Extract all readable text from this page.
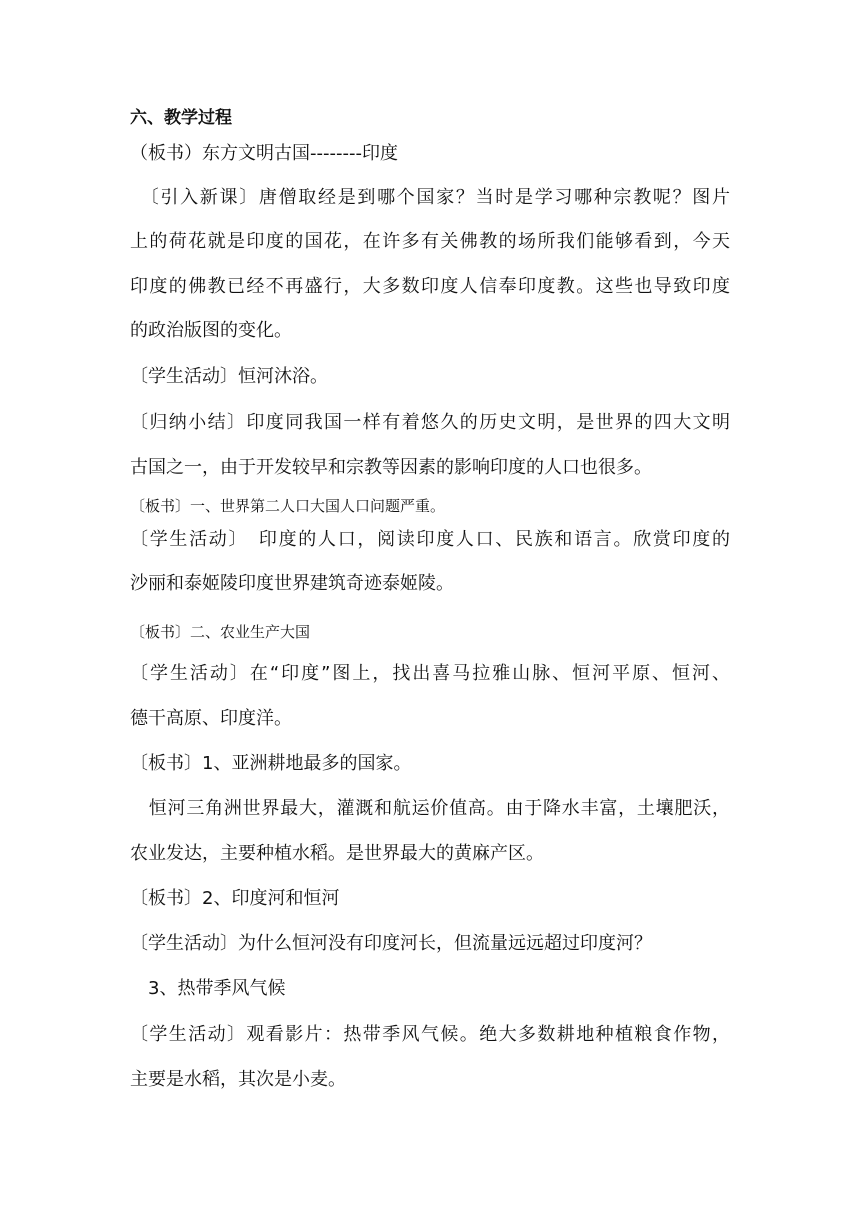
六、教学过程
（板书）东方文明古国--------印度
　〔引入新课〕唐僧取经是到哪个国家？当时是学习哪种宗教呢？图片
上的荷花就是印度的国花，在许多有关佛教的场所我们能够看到，今天
印度的佛教已经不再盛行，大多数印度人信奉印度教。这些也导致印度
的政治版图的变化。
〔学生活动〕恒河沐浴。
〔归纳小结〕印度同我国一样有着悠久的历史文明，是世界的四大文明
古国之一，由于开发较早和宗教等因素的影响印度的人口也很多。
〔板书〕一、世界第二人口大国人口问题严重。
〔学生活动〕　印度的人口，阅读印度人口、民族和语言。欣赏印度的
沙丽和泰姬陵印度世界建筑奇迹泰姬陵。
〔板书〕二、农业生产大国
〔学生活动〕在“印度”图上，找出喜马拉雅山脉、恒河平原、恒河、
德干高原、印度洋。
〔板书〕1、亚洲耕地最多的国家。
　恒河三角洲世界最大，灌溉和航运价值高。由于降水丰富，土壤肥沃，
农业发达，主要种植水稻。是世界最大的黄麻产区。
〔板书〕2、印度河和恒河
〔学生活动〕为什么恒河没有印度河长，但流量远远超过印度河？
　3、热带季风气候
〔学生活动〕观看影片：热带季风气候。绝大多数耕地种植粮食作物，
主要是水稻，其次是小麦。
